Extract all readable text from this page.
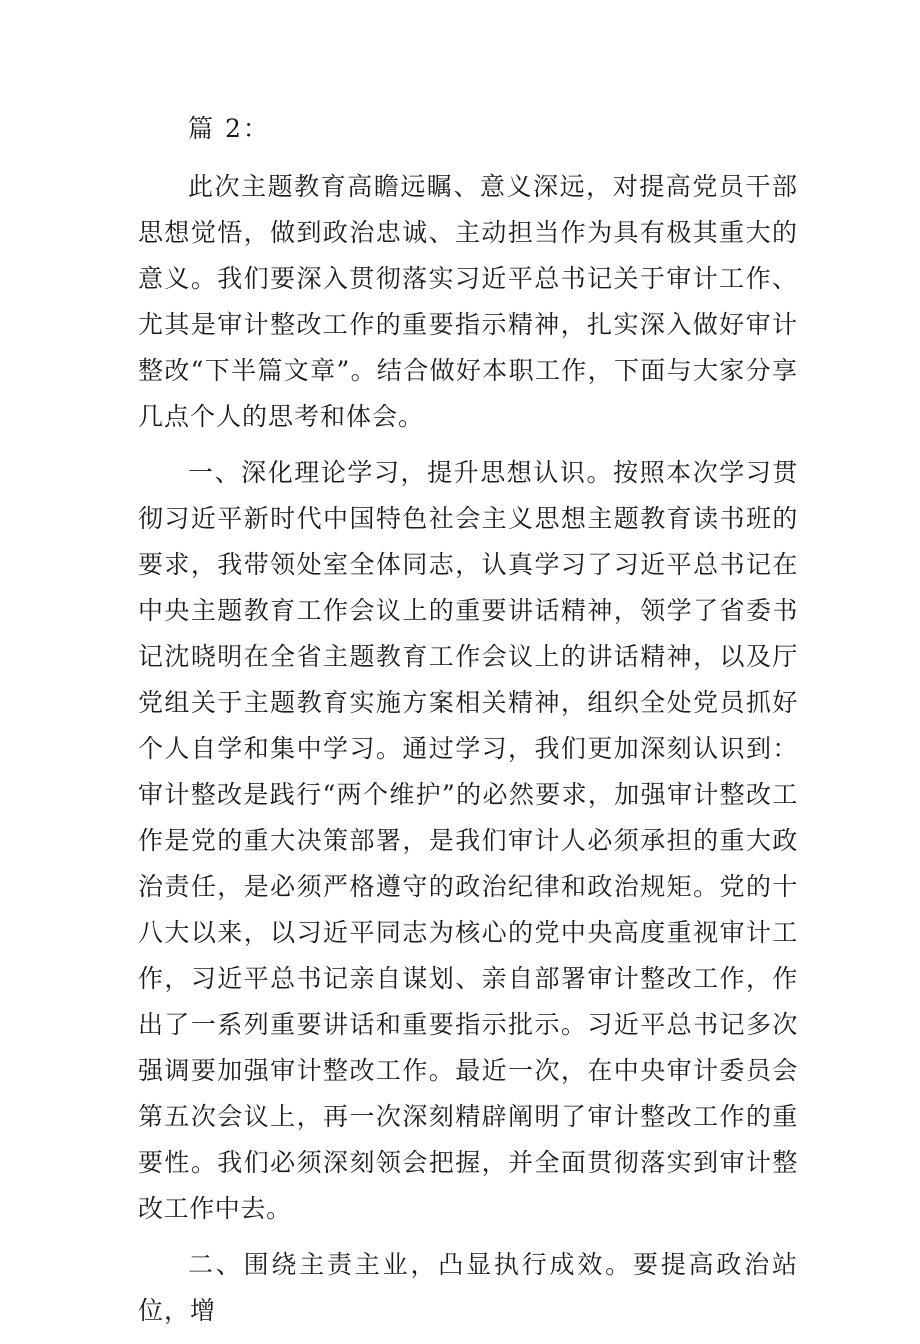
篇 2：

此次主题教育高瞻远瞩、意义深远，对提高党员干部思想觉悟，做到政治忠诚、主动担当作为具有极其重大的意义。我们要深入贯彻落实习近平总书记关于审计工作、尤其是审计整改工作的重要指示精神，扎实深入做好审计整改“下半篇文章”。结合做好本职工作，下面与大家分享几点个人的思考和体会。

一、深化理论学习，提升思想认识。按照本次学习贯彻习近平新时代中国特色社会主义思想主题教育读书班的要求，我带领处室全体同志，认真学习了习近平总书记在中央主题教育工作会议上的重要讲话精神，领学了省委书记沈晓明在全省主题教育工作会议上的讲话精神，以及厅党组关于主题教育实施方案相关精神，组织全处党员抓好个人自学和集中学习。通过学习，我们更加深刻认识到：审计整改是践行“两个维护”的必然要求，加强审计整改工作是党的重大决策部署，是我们审计人必须承担的重大政治责任，是必须严格遵守的政治纪律和政治规矩。党的十八大以来，以习近平同志为核心的党中央高度重视审计工作，习近平总书记亲自谋划、亲自部署审计整改工作，作出了一系列重要讲话和重要指示批示。习近平总书记多次强调要加强审计整改工作。最近一次，在中央审计委员会第五次会议上，再一次深刻精辟阐明了审计整改工作的重要性。我们必须深刻领会把握，并全面贯彻落实到审计整改工作中去。

二、围绕主责主业，凸显执行成效。要提高政治站位，增
